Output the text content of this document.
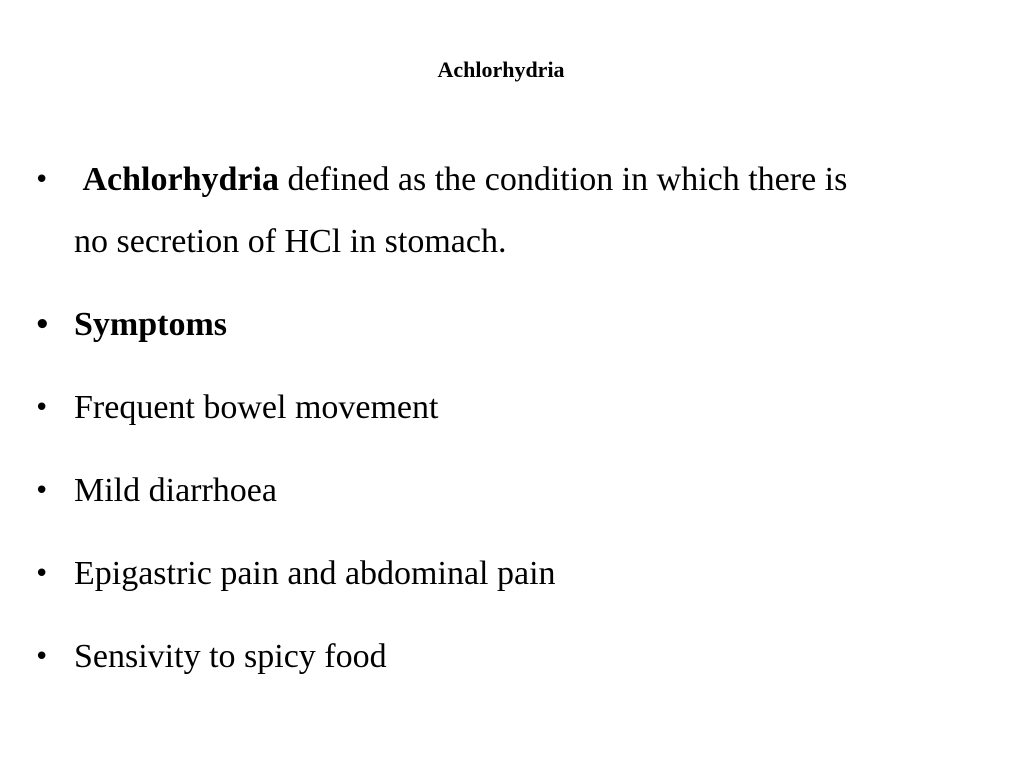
Achlorhydria
• Achlorhydria defined as the condition in which there is
no secretion of HCl in stomach.
• Symptoms
• Frequent bowel movement
• Mild diarrhoea
• Epigastric pain and abdominal pain
• Sensivity to spicy food
